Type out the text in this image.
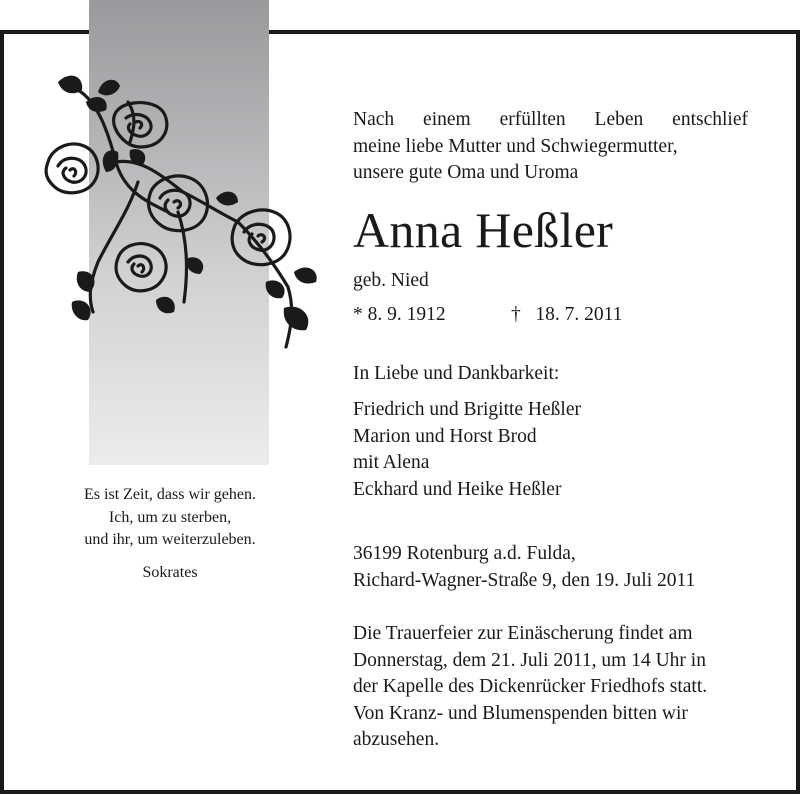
Es ist Zeit, dass wir gehen.
Ich, um zu sterben,
und ihr, um weiterzuleben.
Sokrates

Nach einem erfüllten Leben entschlief

meine liebe Mutter und Schwiegermutter,

unsere gute Oma und Uroma

Anna Heßler
geb. Nied
* 8. 9. 1912	†   18. 7. 2011
In Liebe und Dankbarkeit:
Friedrich und Brigitte Heßler
Marion und Horst Brod
mit Alena
Eckhard und Heike Heßler
36199 Rotenburg a.d. Fulda,
Richard-Wagner-Straße 9, den 19. Juli 2011
Die Trauerfeier zur Einäscherung findet am
Donnerstag, dem 21. Juli 2011, um 14 Uhr in
der Kapelle des Dickenrücker Friedhofs statt.
Von Kranz- und Blumenspenden bitten wir
abzusehen.
